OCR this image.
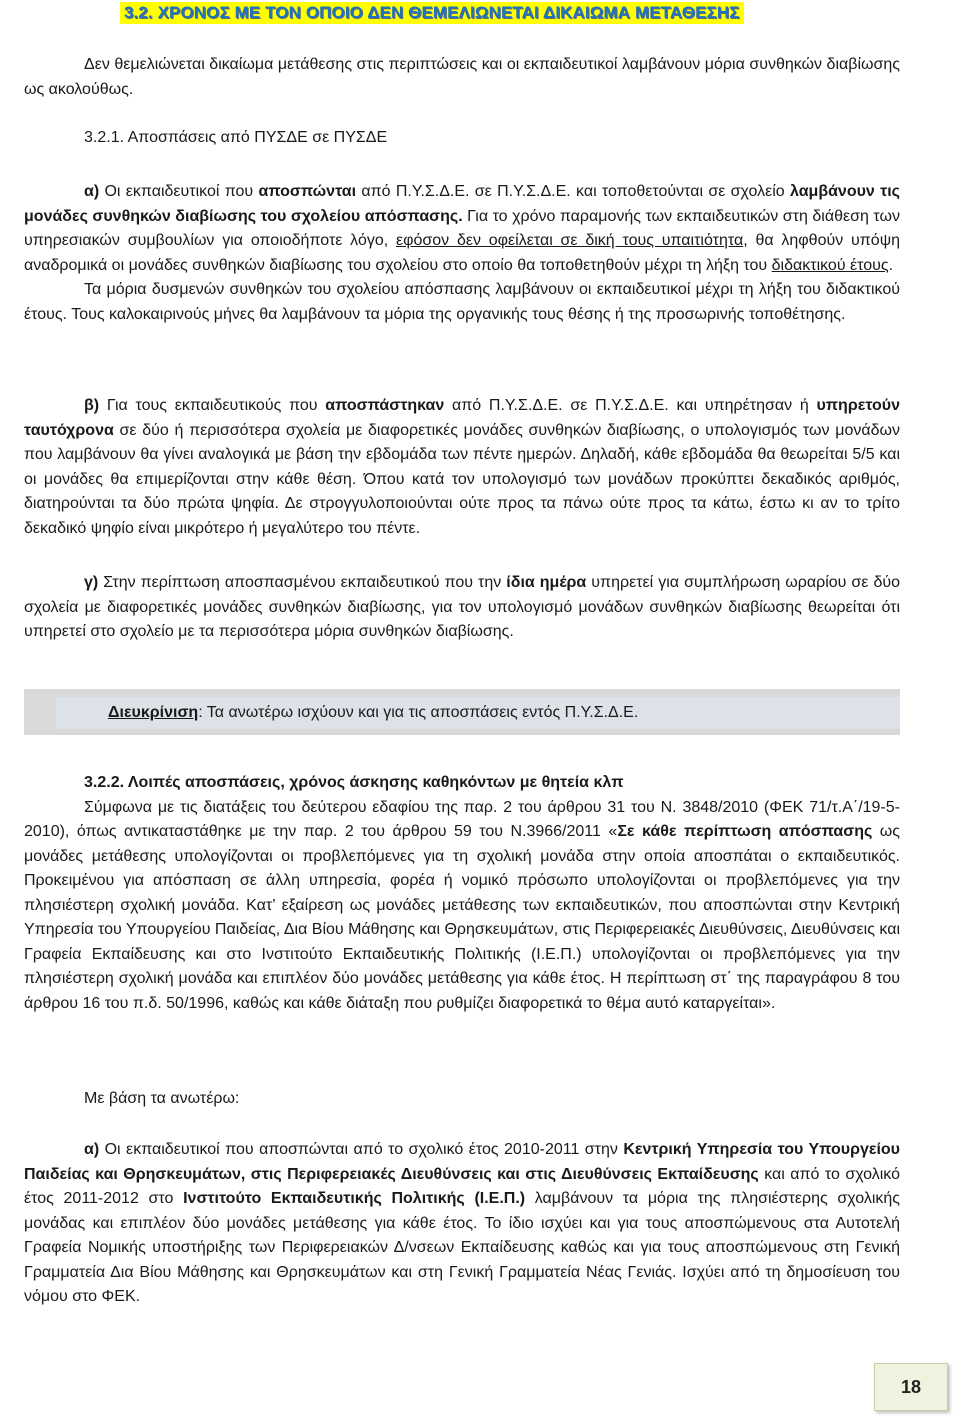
3.2. ΧΡΟΝΟΣ ΜΕ ΤΟΝ ΟΠΟΙΟ ΔΕΝ ΘΕΜΕΛΙΩΝΕΤΑΙ ΔΙΚΑΙΩΜΑ ΜΕΤΑΘΕΣΗΣ

Δεν θεμελιώνεται δικαίωμα μετάθεσης στις περιπτώσεις και οι εκπαιδευτικοί λαμβάνουν μόρια συνθηκών διαβίωσης ως ακολούθως.

3.2.1. Αποσπάσεις από ΠΥΣΔΕ σε ΠΥΣΔΕ

α) Οι εκπαιδευτικοί που αποσπώνται από Π.Υ.Σ.Δ.Ε. σε Π.Υ.Σ.Δ.Ε. και τοποθετούνται σε σχολείο λαμβάνουν τις μονάδες συνθηκών διαβίωσης του σχολείου απόσπασης. Για το χρόνο παραμονής των εκπαιδευτικών στη διάθεση των υπηρεσιακών συμβουλίων για οποιοδήποτε λόγο, εφόσον δεν οφείλεται σε δική τους υπαιτιότητα, θα ληφθούν υπόψη αναδρομικά οι μονάδες συνθηκών διαβίωσης του σχολείου στο οποίο θα τοποθετηθούν μέχρι τη λήξη του διδακτικού έτους.

Τα μόρια δυσμενών συνθηκών του σχολείου απόσπασης λαμβάνουν οι εκπαιδευτικοί μέχρι τη λήξη του διδακτικού έτους. Τους καλοκαιρινούς μήνες θα λαμβάνουν τα μόρια της οργανικής τους θέσης ή της προσωρινής τοποθέτησης.

β) Για τους εκπαιδευτικούς που αποσπάστηκαν από Π.Υ.Σ.Δ.Ε. σε Π.Υ.Σ.Δ.Ε. και υπηρέτησαν ή υπηρετούν ταυτόχρονα σε δύο ή περισσότερα σχολεία με διαφορετικές μονάδες συνθηκών διαβίωσης, ο υπολογισμός των μονάδων που λαμβάνουν θα γίνει αναλογικά με βάση την εβδομάδα των πέντε ημερών. Δηλαδή, κάθε εβδομάδα θα θεωρείται 5/5 και οι μονάδες θα επιμερίζονται στην κάθε θέση. Όπου κατά τον υπολογισμό των μονάδων προκύπτει δεκαδικός αριθμός, διατηρούνται τα δύο πρώτα ψηφία. Δε στρογγυλοποιούνται ούτε προς τα πάνω ούτε προς τα κάτω, έστω κι αν το τρίτο δεκαδικό ψηφίο είναι μικρότερο ή μεγαλύτερο του πέντε.

γ) Στην περίπτωση αποσπασμένου εκπαιδευτικού που την ίδια ημέρα υπηρετεί για συμπλήρωση ωραρίου σε δύο σχολεία με διαφορετικές μονάδες συνθηκών διαβίωσης, για τον υπολογισμό μονάδων συνθηκών διαβίωσης θεωρείται ότι υπηρετεί στο σχολείο με τα περισσότερα μόρια συνθηκών διαβίωσης.

Διευκρίνιση: Τα ανωτέρω ισχύουν και για τις αποσπάσεις εντός Π.Υ.Σ.Δ.Ε.

3.2.2. Λοιπές αποσπάσεις, χρόνος άσκησης καθηκόντων με θητεία κλπ

Σύμφωνα με τις διατάξεις του δεύτερου εδαφίου της παρ. 2 του άρθρου 31 του Ν. 3848/2010 (ΦΕΚ 71/τ.Α΄/19-5-2010), όπως αντικαταστάθηκε με την παρ. 2 του άρθρου 59 του Ν.3966/2011 «Σε κάθε περίπτωση απόσπασης ως μονάδες μετάθεσης υπολογίζονται οι προβλεπόμενες για τη σχολική μονάδα στην οποία αποσπάται ο εκπαιδευτικός. Προκειμένου για απόσπαση σε άλλη υπηρεσία, φορέα ή νομικό πρόσωπο υπολογίζονται οι προβλεπόμενες για την πλησιέστερη σχολική μονάδα. Κατ’ εξαίρεση ως μονάδες μετάθεσης των εκπαιδευτικών, που αποσπώνται στην Κεντρική Υπηρεσία του Υπουργείου Παιδείας, Δια Βίου Μάθησης και Θρησκευμάτων, στις Περιφερειακές Διευθύνσεις, Διευθύνσεις και Γραφεία Εκπαίδευσης και στο Ινστιτούτο Εκπαιδευτικής Πολιτικής (Ι.Ε.Π.) υπολογίζονται οι προβλεπόμενες για την πλησιέστερη σχολική μονάδα και επιπλέον δύο μονάδες μετάθεσης για κάθε έτος. Η περίπτωση στ΄ της παραγράφου 8 του άρθρου 16 του π.δ. 50/1996, καθώς και κάθε διάταξη που ρυθμίζει διαφορετικά το θέμα αυτό καταργείται».

Με βάση τα ανωτέρω:

α) Οι εκπαιδευτικοί που αποσπώνται από το σχολικό έτος 2010-2011 στην Κεντρική Υπηρεσία του Υπουργείου Παιδείας και Θρησκευμάτων, στις Περιφερειακές Διευθύνσεις και στις Διευθύνσεις Εκπαίδευσης και από το σχολικό έτος 2011-2012 στο Ινστιτούτο Εκπαιδευτικής Πολιτικής (Ι.Ε.Π.) λαμβάνουν τα μόρια της πλησιέστερης σχολικής μονάδας και επιπλέον δύο μονάδες μετάθεσης για κάθε έτος. Το ίδιο ισχύει και για τους αποσπώμενους στα Αυτοτελή Γραφεία Νομικής υποστήριξης των Περιφερειακών Δ/νσεων Εκπαίδευσης καθώς και για τους αποσπώμενους στη Γενική Γραμματεία Δια Βίου Μάθησης και Θρησκευμάτων και στη Γενική Γραμματεία Νέας Γενιάς. Ισχύει από τη δημοσίευση του νόμου στο ΦΕΚ.

18
